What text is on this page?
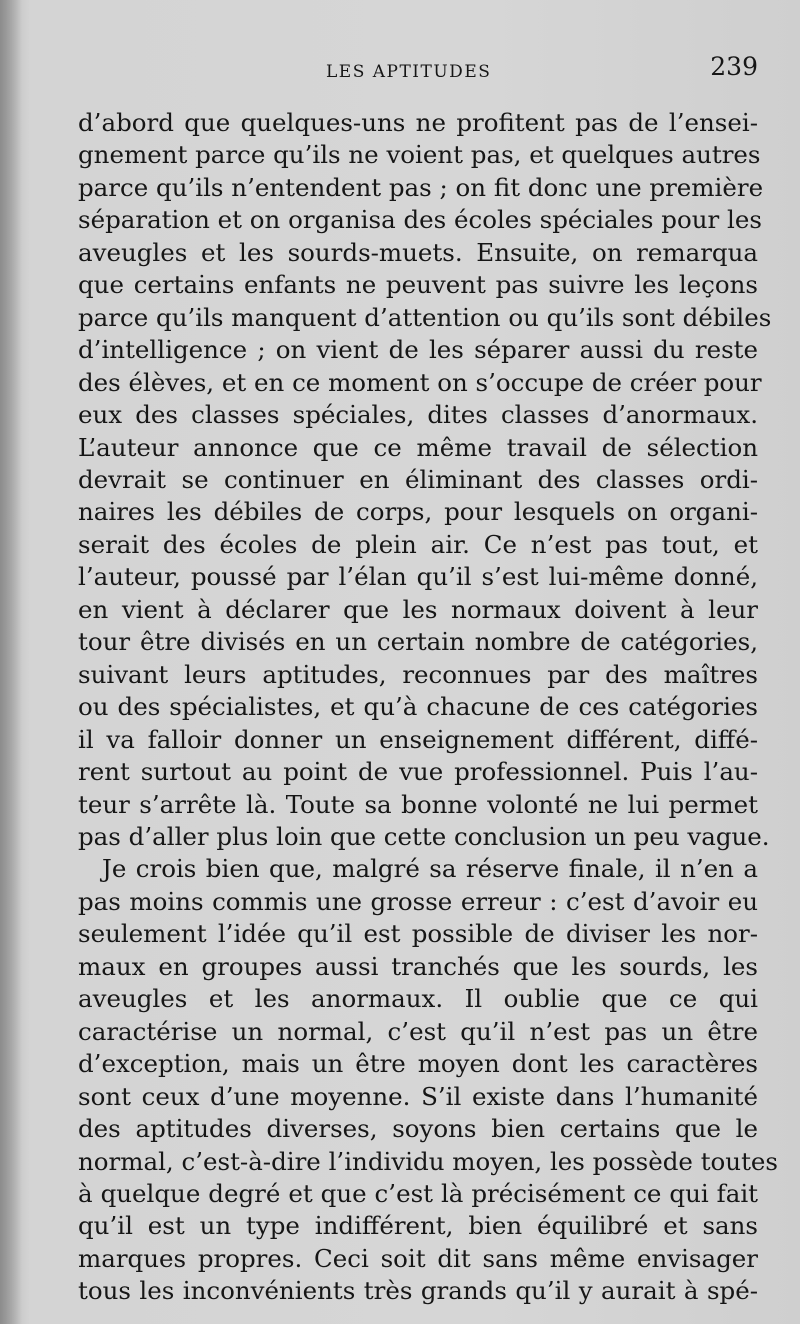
LES APTITUDES	239

d’abord que quelques-uns ne profitent pas de l’ensei-
gnement parce qu’ils ne voient pas, et quelques autres
parce qu’ils n’entendent pas ; on fit donc une première
séparation et on organisa des écoles spéciales pour les
aveugles et les sourds-muets. Ensuite, on remarqua
que certains enfants ne peuvent pas suivre les leçons
parce qu’ils manquent d’attention ou qu’ils sont débiles
d’intelligence ; on vient de les séparer aussi du reste
des élèves, et en ce moment on s’occupe de créer pour
eux des classes spéciales, dites classes d’anormaux.
L’auteur annonce que ce même travail de sélection
devrait se continuer en éliminant des classes ordi-
naires les débiles de corps, pour lesquels on organi-
serait des écoles de plein air. Ce n’est pas tout, et
l’auteur, poussé par l’élan qu’il s’est lui-même donné,
en vient à déclarer que les normaux doivent à leur
tour être divisés en un certain nombre de catégories,
suivant leurs aptitudes, reconnues par des maîtres
ou des spécialistes, et qu’à chacune de ces catégories
il va falloir donner un enseignement différent, diffé-
rent surtout au point de vue professionnel. Puis l’au-
teur s’arrête là. Toute sa bonne volonté ne lui permet
pas d’aller plus loin que cette conclusion un peu vague.

Je crois bien que, malgré sa réserve finale, il n’en a
pas moins commis une grosse erreur : c’est d’avoir eu
seulement l’idée qu’il est possible de diviser les nor-
maux en groupes aussi tranchés que les sourds, les
aveugles et les anormaux. Il oublie que ce qui
caractérise un normal, c’est qu’il n’est pas un être
d’exception, mais un être moyen dont les caractères
sont ceux d’une moyenne. S’il existe dans l’humanité
des aptitudes diverses, soyons bien certains que le
normal, c’est-à-dire l’individu moyen, les possède toutes
à quelque degré et que c’est là précisément ce qui fait
qu’il est un type indifférent, bien équilibré et sans
marques propres. Ceci soit dit sans même envisager
tous les inconvénients très grands qu’il y aurait à spé-
